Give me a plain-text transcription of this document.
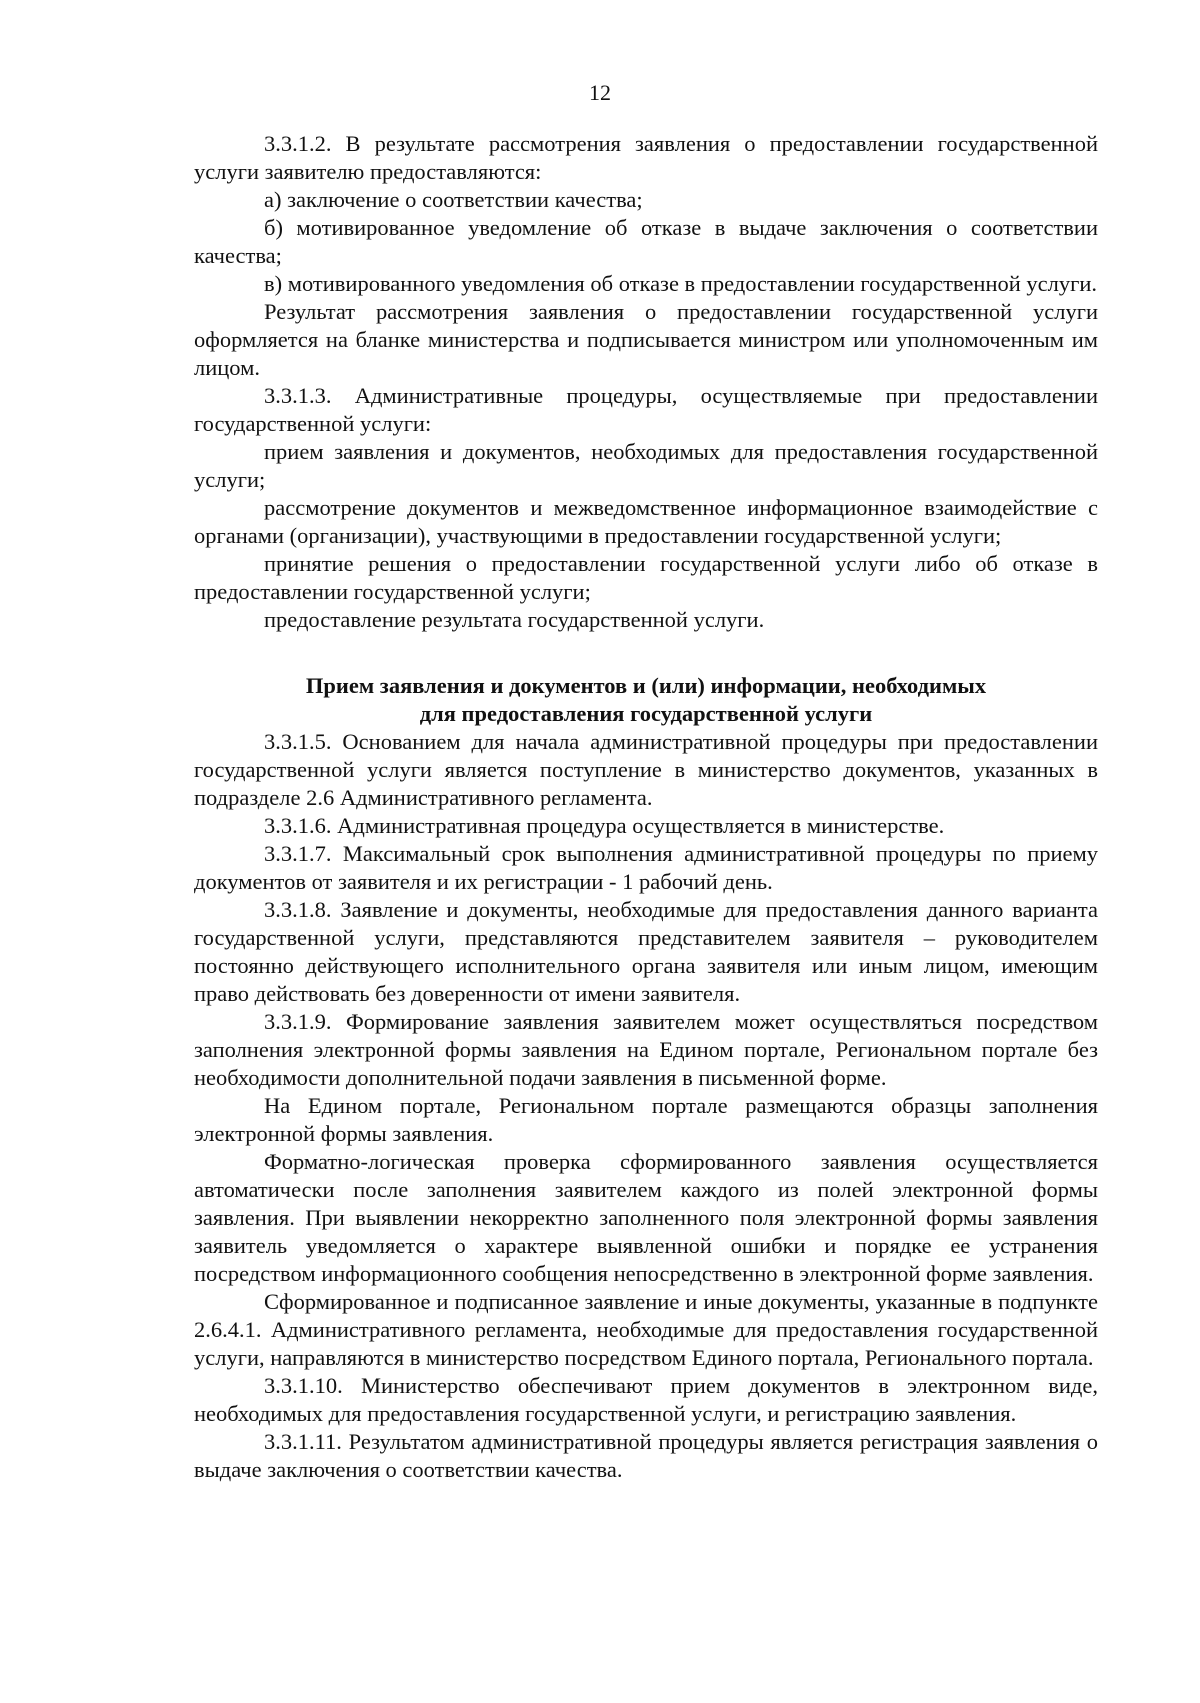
12

3.3.1.2. В результате рассмотрения заявления о предоставлении государственной услуги заявителю предоставляются:

а) заключение о соответствии качества;

б) мотивированное уведомление об отказе в выдаче заключения о соответствии качества;

в) мотивированного уведомления об отказе в предоставлении государственной услуги.

Результат рассмотрения заявления о предоставлении государственной услуги оформляется на бланке министерства и подписывается министром или уполномоченным им лицом.

3.3.1.3. Административные процедуры, осуществляемые при предоставлении государственной услуги:

прием заявления и документов, необходимых для предоставления государственной услуги;

рассмотрение документов и межведомственное информационное взаимодействие с органами (организации), участвующими в предоставлении государственной услуги;

принятие решения о предоставлении государственной услуги либо об отказе в предоставлении государственной услуги;

предоставление результата государственной услуги.

Прием заявления и документов и (или) информации, необходимых
для предоставления государственной услуги

3.3.1.5. Основанием для начала административной процедуры при предоставлении государственной услуги является поступление в министерство документов, указанных в подразделе 2.6 Административного регламента.

3.3.1.6. Административная процедура осуществляется в министерстве.

3.3.1.7. Максимальный срок выполнения административной процедуры по приему документов от заявителя и их регистрации - 1 рабочий день.

3.3.1.8. Заявление и документы, необходимые для предоставления данного варианта государственной услуги, представляются представителем заявителя – руководителем постоянно действующего исполнительного органа заявителя или иным лицом, имеющим право действовать без доверенности от имени заявителя.

3.3.1.9. Формирование заявления заявителем может осуществляться посредством заполнения электронной формы заявления на Едином портале, Региональном портале без необходимости дополнительной подачи заявления в письменной форме.

На Едином портале, Региональном портале размещаются образцы заполнения электронной формы заявления.

Форматно-логическая проверка сформированного заявления осуществляется автоматически после заполнения заявителем каждого из полей электронной формы заявления. При выявлении некорректно заполненного поля электронной формы заявления заявитель уведомляется о характере выявленной ошибки и порядке ее устранения посредством информационного сообщения непосредственно в электронной форме заявления.

Сформированное и подписанное заявление и иные документы, указанные в подпункте 2.6.4.1. Административного регламента, необходимые для предоставления государственной услуги, направляются в министерство посредством Единого портала, Регионального портала.

3.3.1.10. Министерство обеспечивают прием документов в электронном виде, необходимых для предоставления государственной услуги, и регистрацию заявления.

3.3.1.11. Результатом административной процедуры является регистрация заявления о выдаче заключения о соответствии качества.
